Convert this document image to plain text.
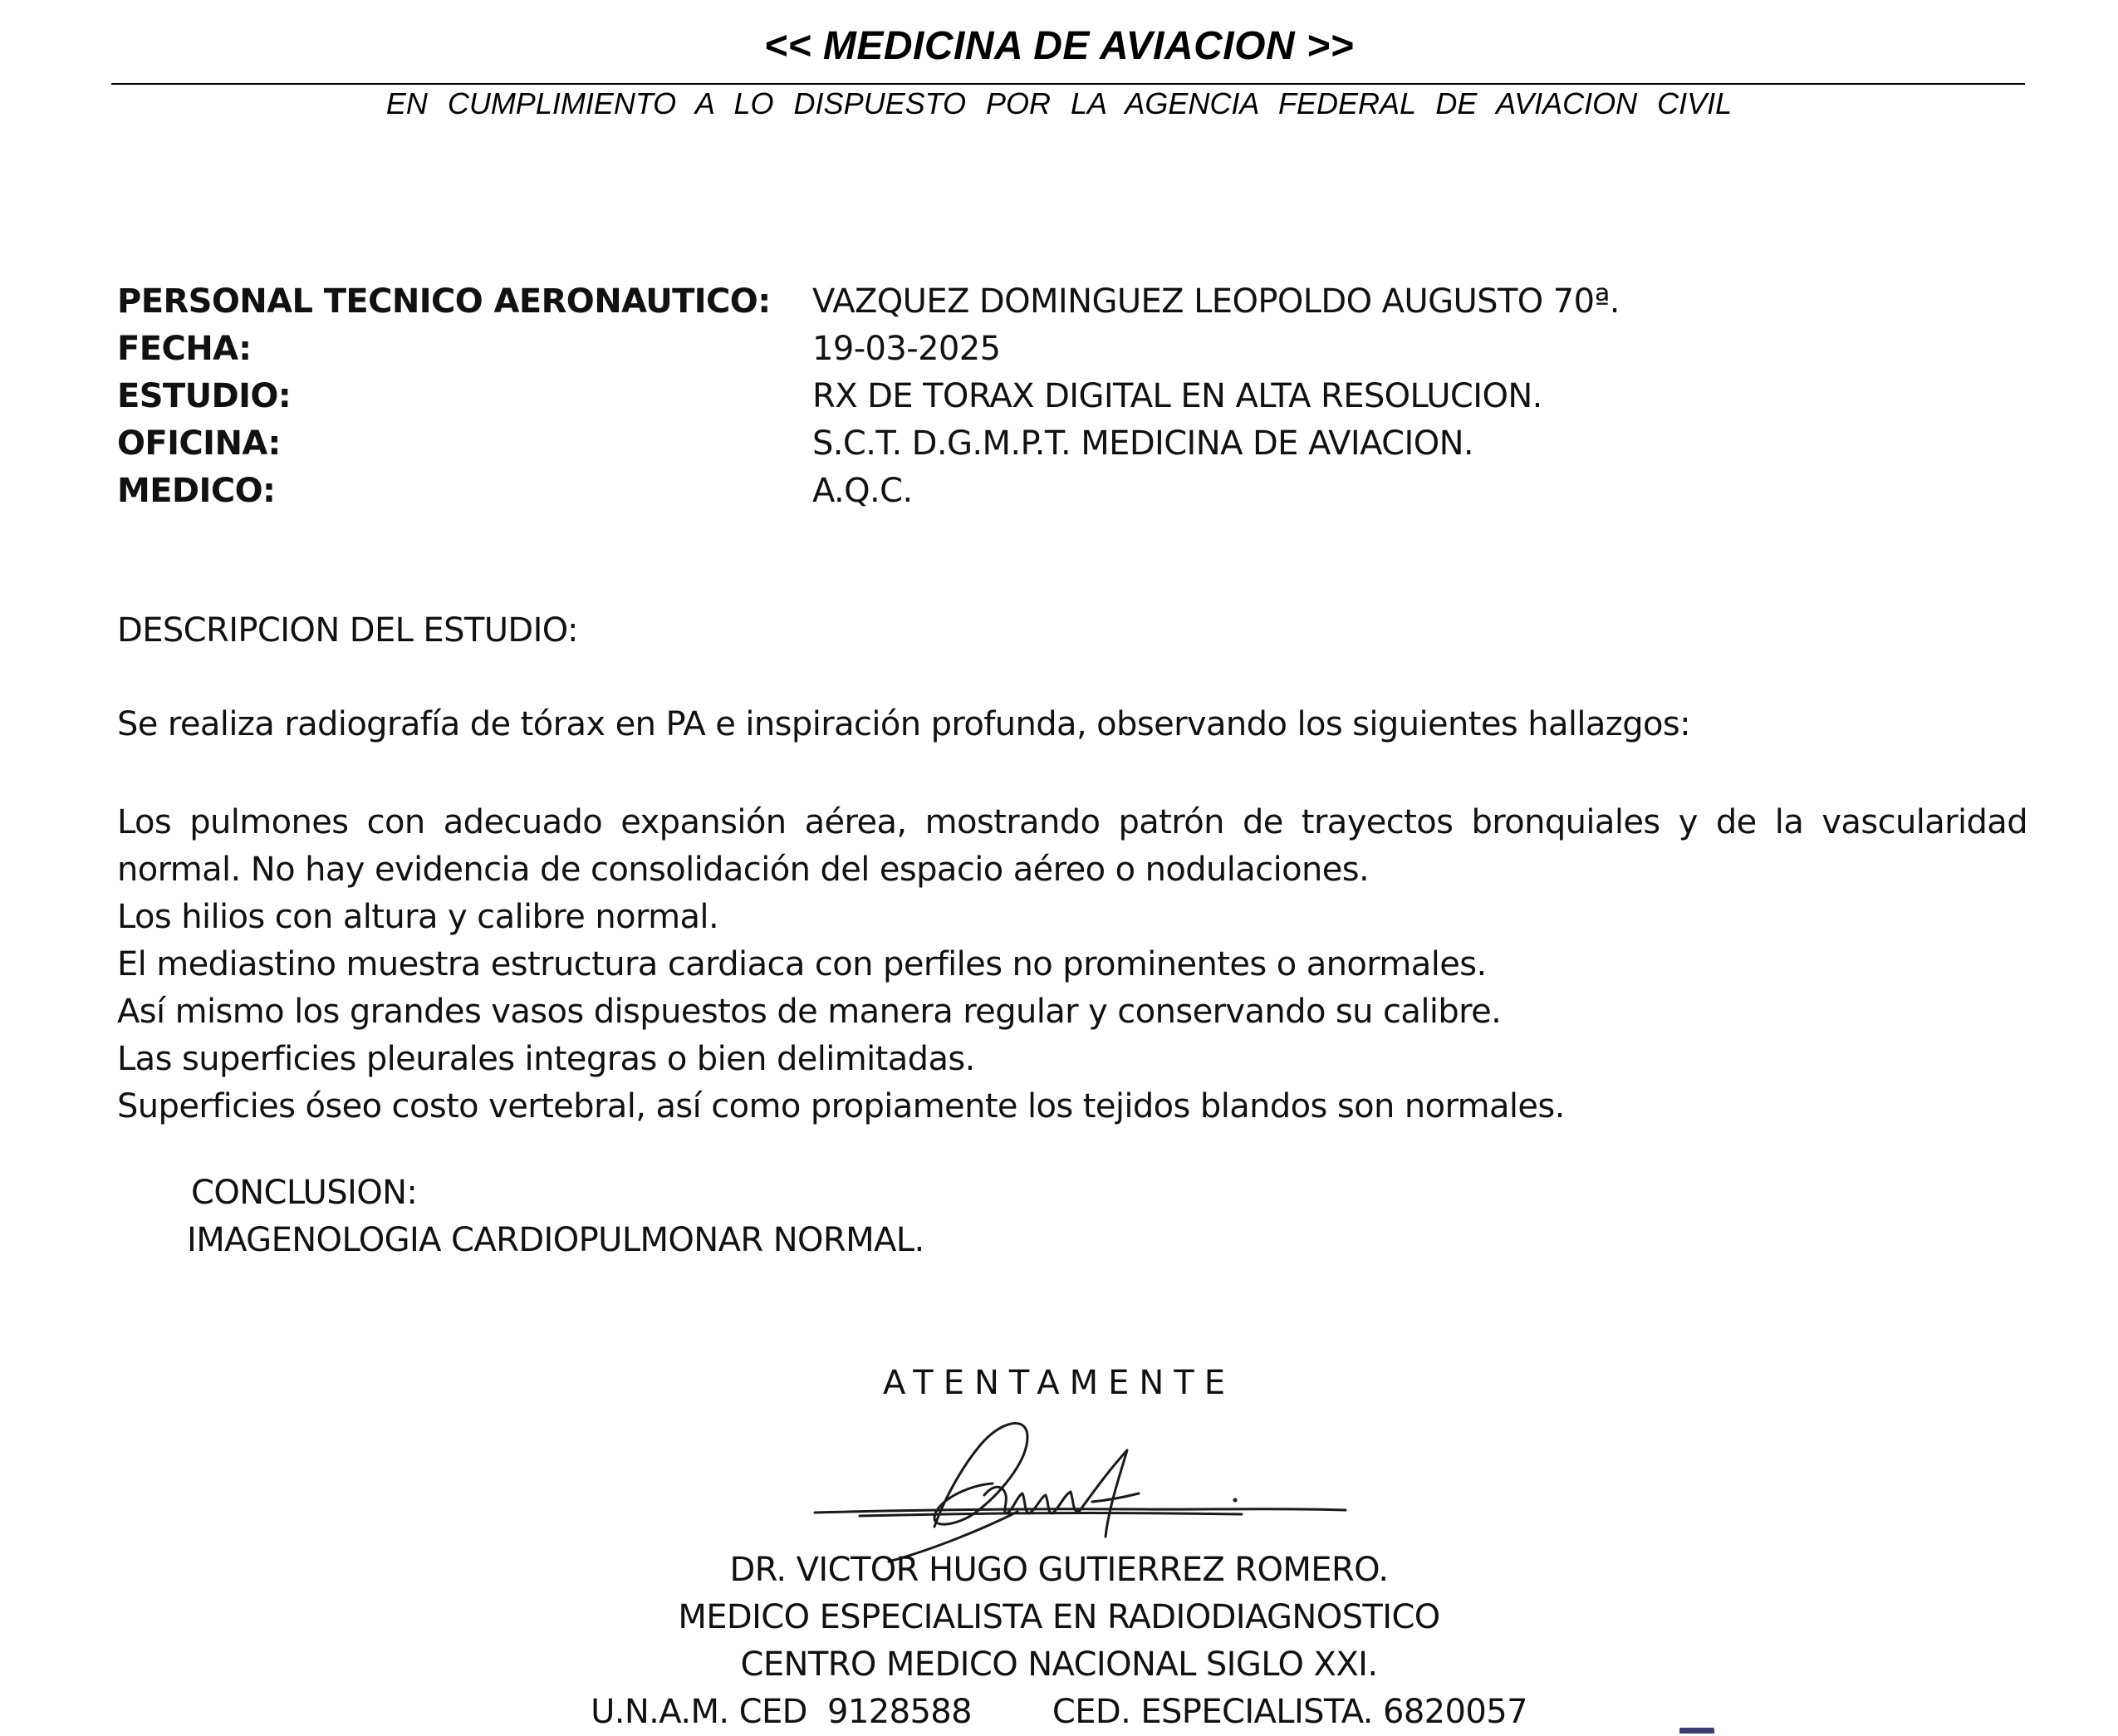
<< MEDICINA DE AVIACION >>
EN CUMPLIMIENTO A LO DISPUESTO POR LA AGENCIA FEDERAL DE AVIACION CIVIL
PERSONAL TECNICO AERONAUTICO:	VAZQUEZ DOMINGUEZ LEOPOLDO AUGUSTO 70ª.
FECHA:	19-03-2025
ESTUDIO:	RX DE TORAX DIGITAL EN ALTA RESOLUCION.
OFICINA:	S.C.T. D.G.M.P.T. MEDICINA DE AVIACION.
MEDICO:	A.Q.C.
DESCRIPCION DEL ESTUDIO:
Se realiza radiografía de tórax en PA e inspiración profunda, observando los siguientes hallazgos:

Los pulmones con adecuado expansión aérea, mostrando patrón de trayectos bronquiales y de la vascularidad normal. No hay evidencia de consolidación del espacio aéreo o nodulaciones.

Los hilios con altura y calibre normal.

El mediastino muestra estructura cardiaca con perfiles no prominentes o anormales.

Así mismo los grandes vasos dispuestos de manera regular y conservando su calibre.

Las superficies pleurales integras o bien delimitadas.

Superficies óseo costo vertebral, así como propiamente los tejidos blandos son normales.

CONCLUSION:
IMAGENOLOGIA CARDIOPULMONAR NORMAL.
ATENTAMENTE
DR. VICTOR HUGO GUTIERREZ ROMERO.
MEDICO ESPECIALISTA EN RADIODIAGNOSTICO
CENTRO MEDICO NACIONAL SIGLO XXI.
U.N.A.M. CED  9128588        CED. ESPECIALISTA. 6820057
